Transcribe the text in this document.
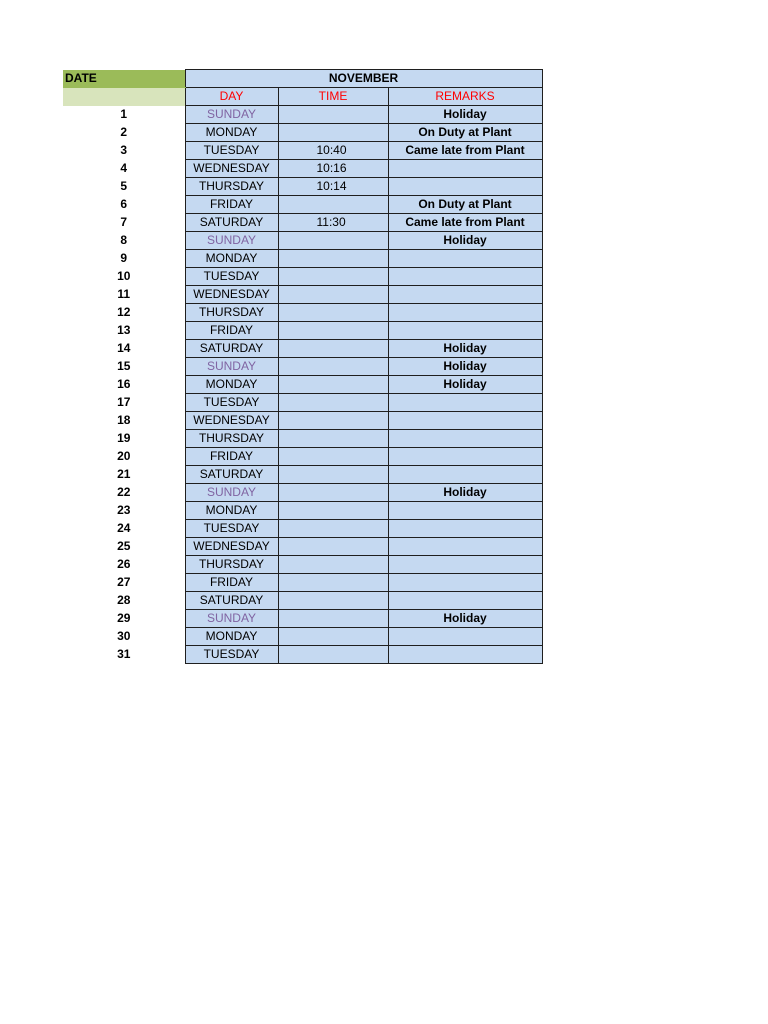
DATE	NOVEMBER		
	DAY	TIME	REMARKS
1	SUNDAY		Holiday
2	MONDAY		On Duty at Plant
3	TUESDAY	10:40	Came late from Plant
4	WEDNESDAY	10:16	
5	THURSDAY	10:14	
6	FRIDAY		On Duty at Plant
7	SATURDAY	11:30	Came late from Plant
8	SUNDAY		Holiday
9	MONDAY		
10	TUESDAY		
11	WEDNESDAY		
12	THURSDAY		
13	FRIDAY		
14	SATURDAY		Holiday
15	SUNDAY		Holiday
16	MONDAY		Holiday
17	TUESDAY		
18	WEDNESDAY		
19	THURSDAY		
20	FRIDAY		
21	SATURDAY		
22	SUNDAY		Holiday
23	MONDAY		
24	TUESDAY		
25	WEDNESDAY		
26	THURSDAY		
27	FRIDAY		
28	SATURDAY		
29	SUNDAY		Holiday
30	MONDAY		
31	TUESDAY		
